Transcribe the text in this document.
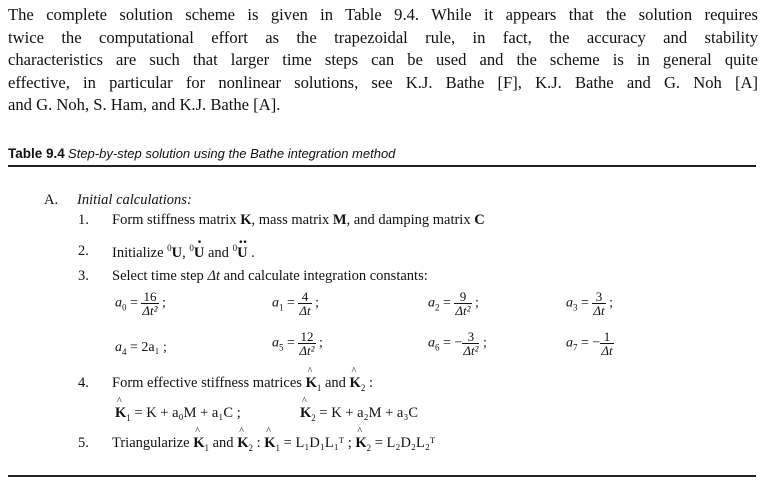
The complete solution scheme is given in Table 9.4. While it appears that the solution requires
twice the computational effort as the trapezoidal rule, in fact, the accuracy and stability
characteristics are such that larger time steps can be used and the scheme is in general quite
effective, in particular for nonlinear solutions, see K.J. Bathe [F], K.J. Bathe and G. Noh [A]
and G. Noh, S. Ham, and K.J. Bathe [A].
Table 9.4 Step-by-step solution using the Bathe integration method
A. Initial calculations:
1. Form stiffness matrix K, mass matrix M, and damping matrix C
2. Initialize $^0$U, $^0$· U and $^0$·· U .
3. Select time step Δt and calculate integration constants:
$a_0 = \frac{16}{\text{Δt²}}$ ;	$a_1 = \frac{4}{\Delta t}$ ;	$a_2 = \frac{9}{\text{Δt²}}$ ;	$a_3 = \frac{3}{\Delta t}$ ;
$a_4 = 2a_1$ ;	$a_5 = \frac{12}{\text{Δt²}}$ ;	$a_6$ = − $\frac{3}{\text{Δt²}}$ ;	$a_7$ = − $\frac{1}{\Delta t}$
4. Form effective stiffness matrices ^ $K_1$ and ^ $K_2$ :
^ $K_1 = K + a_0M + a_1C$ ;
^	$K_2 = K + a_2M + a_3C$
5. Triangularize ^ $K_1$ and ^ $K_2$ : ^ $K_1$ = L₁D₁L₁ᵀ ; ^ $K_2$ = L₂D₂L₂ᵀ
